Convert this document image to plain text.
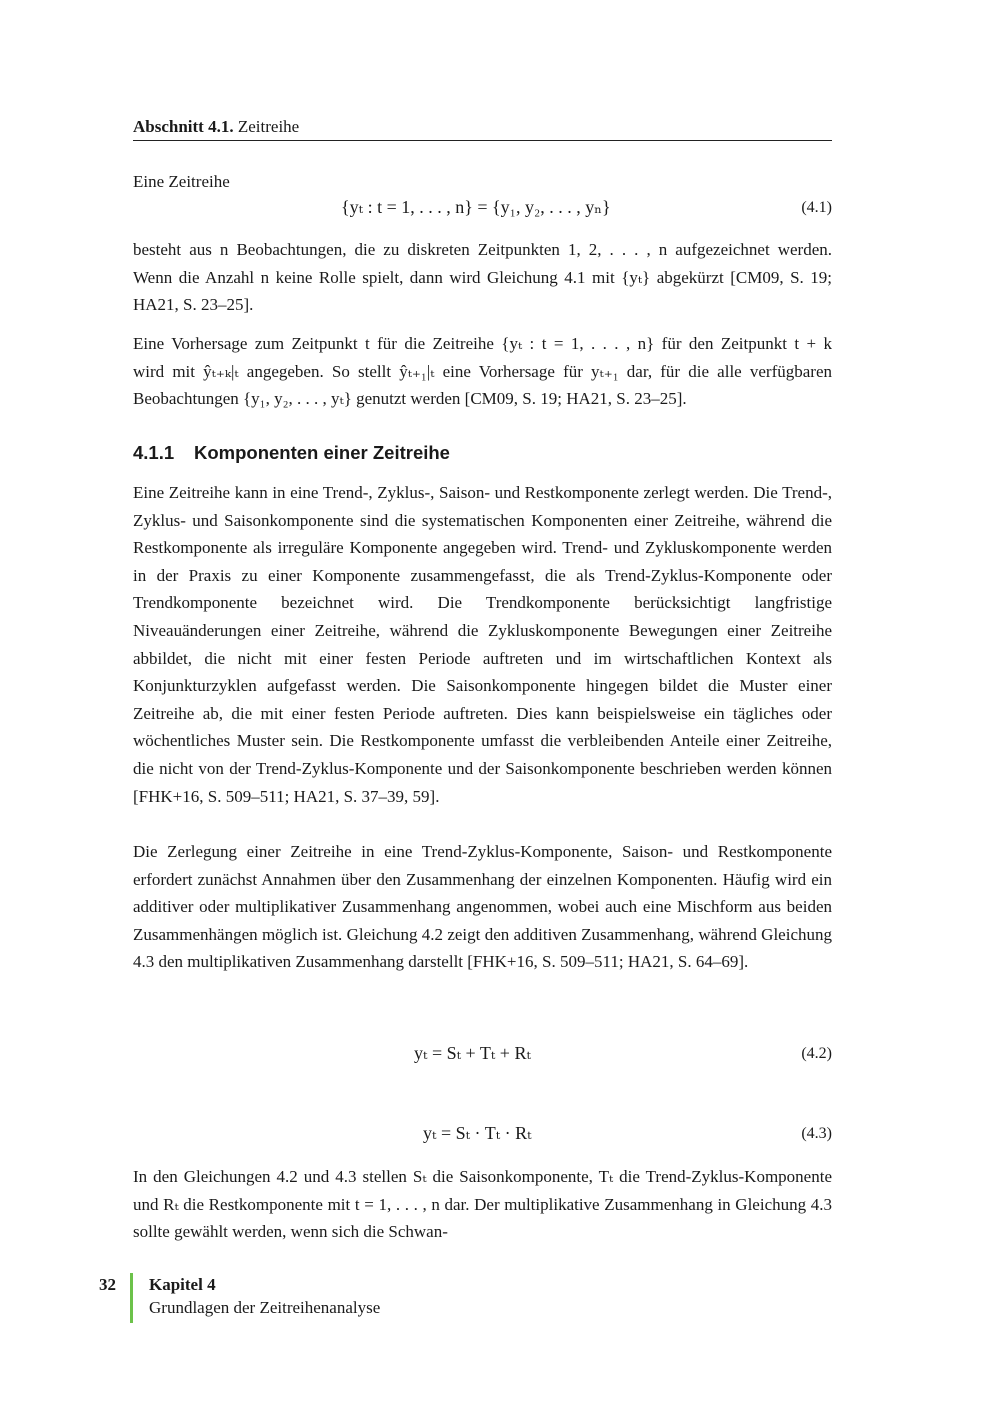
Abschnitt 4.1. Zeitreihe

Eine Zeitreihe

{yₜ : t = 1, . . . , n} = {y₁, y₂, . . . , yₙ}	(4.1)

besteht aus n Beobachtungen, die zu diskreten Zeitpunkten 1, 2, . . . , n aufgezeichnet werden.
Wenn die Anzahl n keine Rolle spielt, dann wird Gleichung 4.1 mit {yₜ} abgekürzt [CM09, S. 19;
HA21, S. 23–25].

Eine Vorhersage zum Zeitpunkt t für die Zeitreihe {yₜ : t = 1, . . . , n} für den Zeitpunkt t + k
wird mit ŷₜ₊ₖ|ₜ angegeben. So stellt ŷₜ₊₁|ₜ eine Vorhersage für yₜ₊₁ dar, für die alle verfügbaren
Beobachtungen {y₁, y₂, . . . , yₜ} genutzt werden [CM09, S. 19; HA21, S. 23–25].

4.1.1 Komponenten einer Zeitreihe

Eine Zeitreihe kann in eine Trend-, Zyklus-, Saison- und Restkomponente zerlegt werden. Die Trend-, Zyklus- und Saisonkomponente sind die systematischen Komponenten einer Zeitreihe, während die Restkomponente als irreguläre Komponente angegeben wird. Trend- und Zykluskomponente werden in der Praxis zu einer Komponente zusammengefasst, die als Trend-Zyklus-Komponente oder Trendkomponente bezeichnet wird. Die Trendkomponente berücksichtigt langfristige Niveauänderungen einer Zeitreihe, während die Zykluskomponente Bewegungen einer Zeitreihe abbildet, die nicht mit einer festen Periode auftreten und im wirtschaftlichen Kontext als Konjunkturzyklen aufgefasst werden. Die Saisonkomponente hingegen bildet die Muster einer Zeitreihe ab, die mit einer festen Periode auftreten. Dies kann beispielsweise ein tägliches oder wöchentliches Muster sein. Die Restkomponente umfasst die verbleibenden Anteile einer Zeitreihe, die nicht von der Trend-Zyklus-Komponente und der Saisonkomponente beschrieben werden können [FHK+16, S. 509–511; HA21, S. 37–39, 59].

Die Zerlegung einer Zeitreihe in eine Trend-Zyklus-Komponente, Saison- und Restkomponente erfordert zunächst Annahmen über den Zusammenhang der einzelnen Komponenten. Häufig wird ein additiver oder multiplikativer Zusammenhang angenommen, wobei auch eine Mischform aus beiden Zusammenhängen möglich ist. Gleichung 4.2 zeigt den additiven Zusammenhang, während Gleichung 4.3 den multiplikativen Zusammenhang darstellt [FHK+16, S. 509–511; HA21, S. 64–69].

yₜ = Sₜ + Tₜ + Rₜ	(4.2)
yₜ = Sₜ · Tₜ · Rₜ	(4.3)

In den Gleichungen 4.2 und 4.3 stellen Sₜ die Saisonkomponente, Tₜ die Trend-Zyklus-Komponente und Rₜ die Restkomponente mit t = 1, . . . , n dar. Der multiplikative Zusammenhang in Gleichung 4.3 sollte gewählt werden, wenn sich die Schwan-

32 Kapitel 4
Grundlagen der Zeitreihenanalyse
